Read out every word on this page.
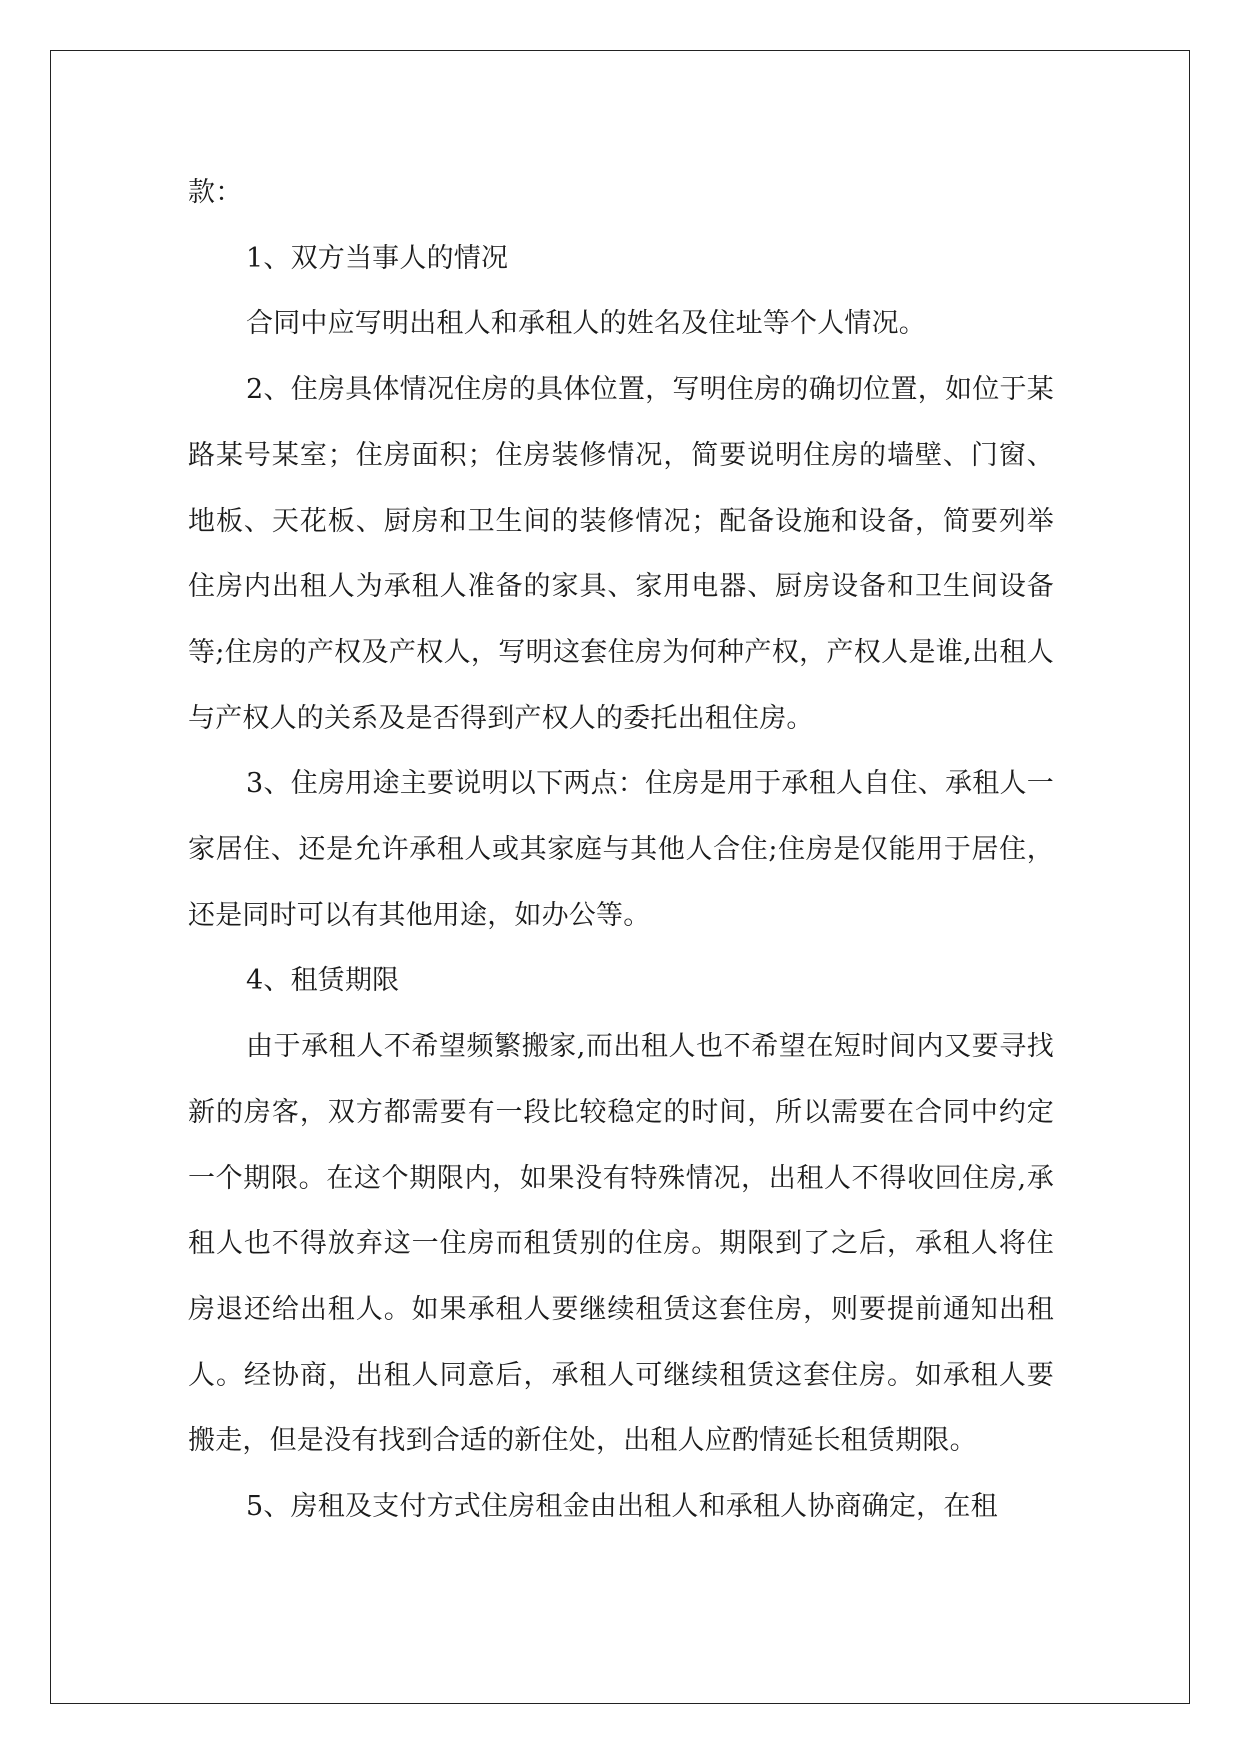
款：

1、双方当事人的情况

合同中应写明出租人和承租人的姓名及住址等个人情况。

2、住房具体情况住房的具体位置，写明住房的确切位置，如位于某路某号某室；住房面积；住房装修情况，简要说明住房的墙壁、门窗、地板、天花板、厨房和卫生间的装修情况；配备设施和设备，简要列举住房内出租人为承租人准备的家具、家用电器、厨房设备和卫生间设备等;住房的产权及产权人，写明这套住房为何种产权，产权人是谁,出租人与产权人的关系及是否得到产权人的委托出租住房。

3、住房用途主要说明以下两点：住房是用于承租人自住、承租人一家居住、还是允许承租人或其家庭与其他人合住;住房是仅能用于居住，还是同时可以有其他用途，如办公等。

4、租赁期限

由于承租人不希望频繁搬家,而出租人也不希望在短时间内又要寻找新的房客，双方都需要有一段比较稳定的时间，所以需要在合同中约定一个期限。在这个期限内，如果没有特殊情况，出租人不得收回住房,承租人也不得放弃这一住房而租赁别的住房。期限到了之后，承租人将住房退还给出租人。如果承租人要继续租赁这套住房，则要提前通知出租人。经协商，出租人同意后，承租人可继续租赁这套住房。如承租人要搬走，但是没有找到合适的新住处，出租人应酌情延长租赁期限。

5、房租及支付方式住房租金由出租人和承租人协商确定，在租
